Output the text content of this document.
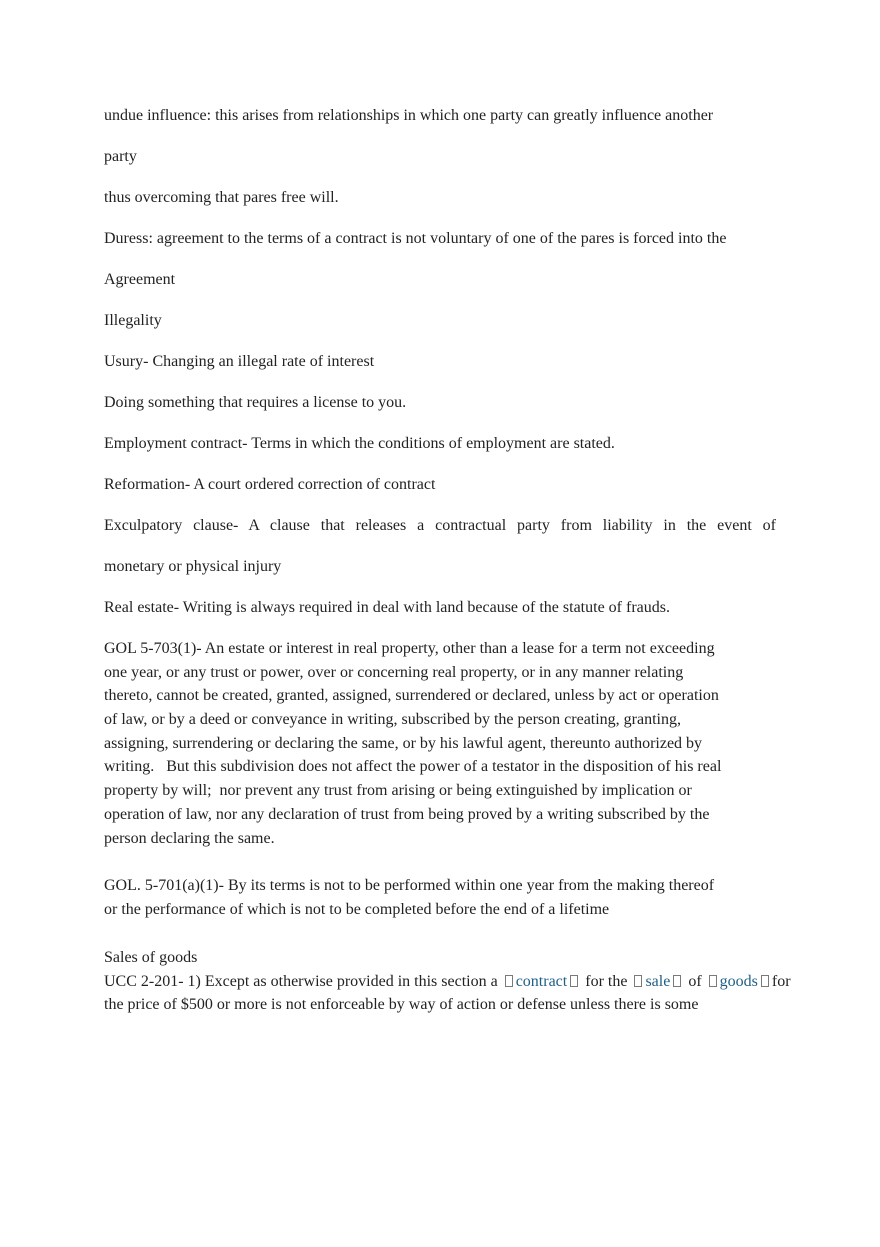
undue influence: this arises from relationships in which one party can greatly influence another
party
thus overcoming that pares free will.
Duress: agreement to the terms of a contract is not voluntary of one of the pares is forced into the
Agreement
Illegality
Usury- Changing an illegal rate of interest
Doing something that requires a license to you.
Employment contract- Terms in which the conditions of employment are stated.
Reformation- A court ordered correction of contract
Exculpatory clause- A clause that releases a contractual party from liability in the event of
monetary or physical injury
Real estate- Writing is always required in deal with land because of the statute of frauds.
GOL 5-703(1)- An estate or interest in real property, other than a lease for a term not exceeding
one year, or any trust or power, over or concerning real property, or in any manner relating
thereto, cannot be created, granted, assigned, surrendered or declared, unless by act or operation
of law, or by a deed or conveyance in writing, subscribed by the person creating, granting,
assigning, surrendering or declaring the same, or by his lawful agent, thereunto authorized by
writing.   But this subdivision does not affect the power of a testator in the disposition of his real
property by will;  nor prevent any trust from arising or being extinguished by implication or
operation of law, nor any declaration of trust from being proved by a writing subscribed by the
person declaring the same.
GOL. 5-701(a)(1)- By its terms is not to be performed within one year from the making thereof
or the performance of which is not to be completed before the end of a lifetime
Sales of goods
UCC 2-201- 1) Except as otherwise provided in this section a contract for the sale of goods for
the price of $500 or more is not enforceable by way of action or defense unless there is some
